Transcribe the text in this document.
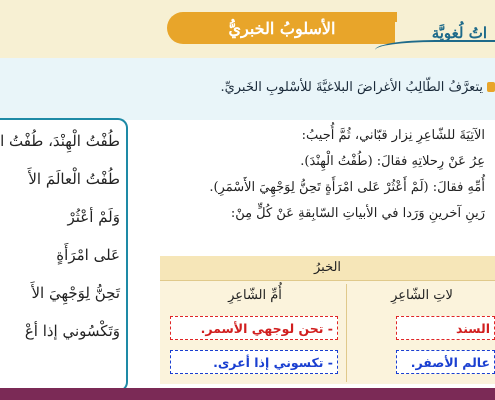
الأسلوبُ الخبريُّ	اتُ لُغويَّة
يتعرَّفُ الطّالِبُ الأغراضَ البلاغيَّةَ للأسْلوبِ الخَبريِّ.
طُفْتُ الْهِنْدَ، طُفْتُ ا
طُفْتُ الْعالَمَ الأَ
وَلَمْ أعْثُرْ
عَلى امْرَأَةٍ
تَحِنُّ لِوَجْهِيَ الأَ
وَتَكْسُوني إذا أعْ
الآتِيَةَ للشّاعِرِ نِزار قبّاني، ثُمَّ أُجيبُ:
عِرُ عَنْ رِحلاتِهِ فقالَ: (طُفْتُ الْهِنْدَ).
أُمِّهِ فقالَ: (لَمْ أَعْثُرْ عَلى امْرَأَةٍ تَحِنُّ لِوَجْهِيَ الأَسْمَرِ).
رَينِ آخرينِ وَرَدا في الأبياتِ السّابِقةِ عَنْ كُلٍّ مِنْ:
الخبرُ
أُمِّ الشّاعِرِ	لاتِ الشّاعِرِ
- تحن لوجهي الأسمر.	السند
- تكسوني إذا أعرى.	عالم الأصفر.
